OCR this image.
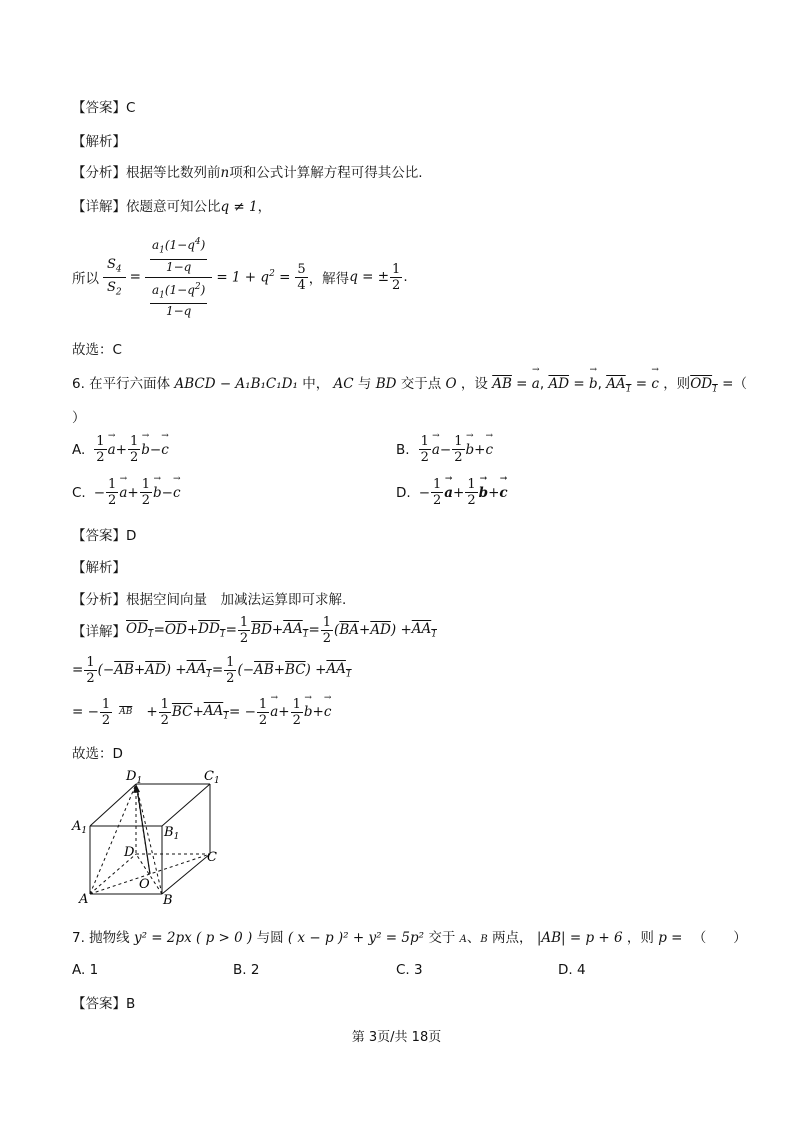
【答案】C
【解析】
【分析】根据等比数列前n项和公式计算解方程可得其公比.
【详解】依题意可知公比q ≠ 1，
所以 $\frac{S_4}{S_2} = \frac{\frac{a_1(1-q^4)}{1-q}}{\frac{a_1(1-q^2)}{1-q}} = 1 + q^2 = \frac{5}{4}$ ，解得 q = ± $\frac{1}{2}$ .
故选：C
6. 在平行六面体 ABCD − A₁B₁C₁D₁ 中， AC 与 BD 交于点 O ，设 $\overline{AB}$ = → a, $\overline{AD}$ = → b, $AA_1$ = → c ，则$OD_1$ =（
）
A. $\frac{1}{2} \to a + \frac{1}{2} \to b$ − → c	B. $\frac{1}{2} \to a - \frac{1}{2} \to b$ + → c
C. − $\frac{1}{2} \to a + \frac{1}{2} \to b$ − → c	D. − $\frac{1}{2} \to a + \frac{1}{2} \to b$ + → c
【答案】D
【解析】
【分析】根据空间向量　加减法运算即可求解.
【详解】 $OD_1 = \overline{OD} + DD_1 = \frac{1}{2} \overline{BD} + AA_1 = \frac{1}{2}$ ( $\overline{BA} + \overline{AD}$ ) + $AA_1$
= $\frac{1}{2}$ (− $\overline{AB} + \overline{AD}$ ) + $AA_1 = \frac{1}{2}$ (− $\overline{AB} + \overline{BC}$ ) + $AA_1$
= − $\frac{1}{2} \overline{AB} + \frac{1}{2} \overline{BC} + AA_1$ = − $\frac{1}{2} \to a + \frac{1}{2} \to b$ + → c
故选：D
$D_1$	$C_1$
$A_1$	$B_1$
D	C
O
A	B
7. 抛物线 y² = 2px ( p > 0 ) 与圆 ( x − p )² + y² = 5p² 交于 A、B 两点， |AB| = p + 6 ，则 p = （　　）
A. 1	B. 2	C. 3	D. 4
【答案】B
第 3页/共 18页
